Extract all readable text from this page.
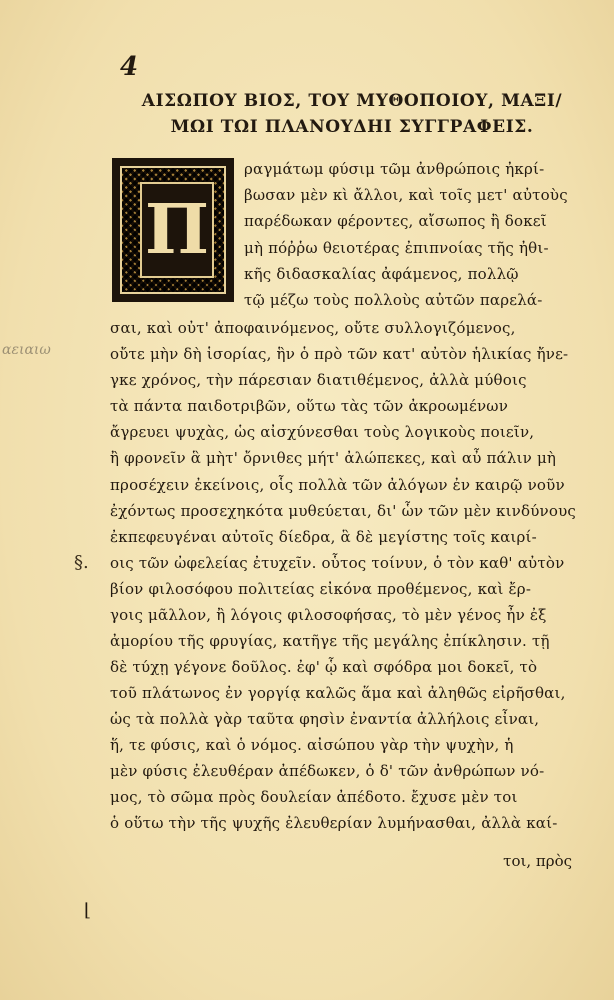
4
ΑΙΣΩΠΟΥ ΒΙΟΣ, ΤΟΥ ΜΥΘΟΠΟΙΟΥ, ΜΑΞΙ/
ΜΩΙ ΤΩΙ ΠΛΑΝΟΥΔΗΙ ΣΥΓΓΡΑΦΕΙΣ.
Π
ραγμάτωμ φύσιμ τῶμ ἀνθρώποις ἠκρί-
βωσαν μὲν κὶ ἄλλοι, καὶ τοῖς μετ' αὐτοὺς
παρέδωκαν φέροντες, αἴσωπος ἢ δοκεῖ
μὴ πόῤῥω θειοτέρας ἐπιπνοίας τῆς ἠθι-
κῆς διδασκαλίας ἀφάμενος, πολλῷ
τῷ μέζω τοὺς πολλοὺς αὐτῶν παρελά-
σαι, καὶ οὐτ' ἀποφαινόμενος, οὔτε συλλογιζόμενος,
οὔτε μὴν δὴ ἱσορίας, ἣν ὁ πρὸ τῶν κατ' αὐτὸν ἡλικίας ἤνε-
γκε χρόνος, τὴν πάρεσιαν διατιθέμενος, ἀλλὰ μύθοις
τὰ πάντα παιδοτριβῶν, οὕτω τὰς τῶν ἀκροωμένων
ἄγρευει ψυχὰς, ὡς αἰσχύνεσθαι τοὺς λογικοὺς ποιεῖν,
ἢ φρονεῖν ἃ μὴτ' ὄρνιθες μήτ' ἀλώπεκες, καὶ αὖ πάλιν μὴ
προσέχειν ἐκείνοις, οἷς πολλὰ τῶν ἀλόγων ἐν καιρῷ νοῦν
ἐχόντως προσεχηκότα μυθεύεται, δι' ὧν τῶν μὲν κινδύνους
ἐκπεφευγέναι αὐτοῖς δίεδρα, ἃ δὲ μεγίστης τοῖς καιρί-
οις τῶν ὠφελείας ἐτυχεῖν. οὗτος τοίνυν, ὁ τὸν καθ' αὐτὸν
βίον φιλοσόφου πολιτείας εἰκόνα προθέμενος, καὶ ἔρ-
γοις μᾶλλον, ἢ λόγοις φιλοσοφήσας, τὸ μὲν γένος ἦν ἐξ
ἀμορίου τῆς φρυγίας, κατῆγε τῆς μεγάλης ἐπίκλησιν. τῇ
δὲ τύχῃ γέγονε δοῦλος. ἐφ' ᾧ καὶ σφόδρα μοι δοκεῖ, τὸ
τοῦ πλάτωνος ἐν γοργίᾳ καλῶς ἅμα καὶ ἀληθῶς εἰρῆσθαι,
ὡς τὰ πολλὰ γὰρ ταῦτα φησὶν ἐναντία ἀλλήλοις εἶναι,
ἥ, τε φύσις, καὶ ὁ νόμος. αἰσώπου γὰρ τὴν ψυχὴν, ἡ
μὲν φύσις ἐλευθέραν ἀπέδωκεν, ὁ δ' τῶν ἀνθρώπων νό-
μος, τὸ σῶμα πρὸς δουλείαν ἀπέδοτο. ἔχυσε μὲν τοι
ὁ οὕτω τὴν τῆς ψυχῆς ἐλευθερίαν λυμήνασθαι, ἀλλὰ καί-
τοι, πρὸς
αειαιω
§.
⌊
